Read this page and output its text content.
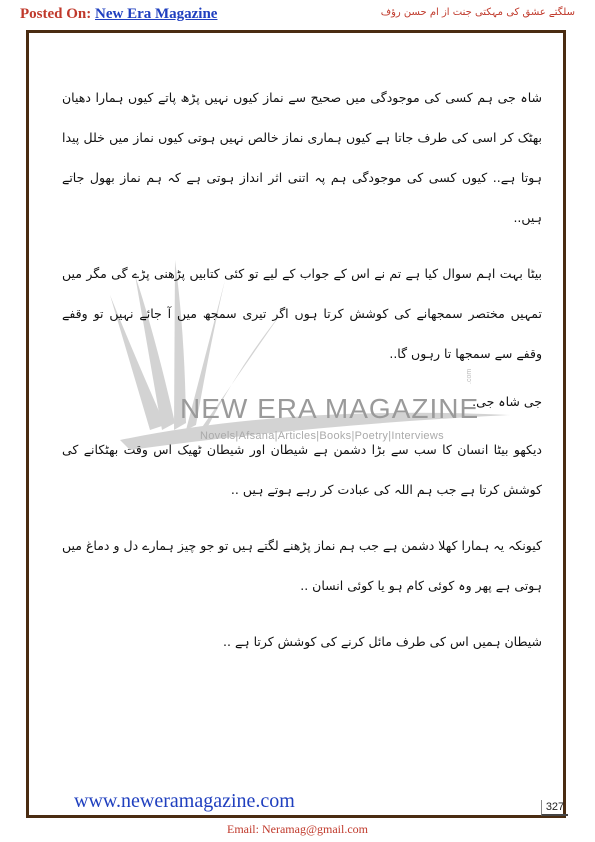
Posted On: New Era Magazine	سلگتے عشق کی مہکتی جنت از ام حسن رؤف
NEW ERA MAGAZINE
Novels|Afsana|Articles|Books|Poetry|Interviews
.com

شاہ جی ہم کسی کی موجودگی میں صحیح سے نماز کیوں نہیں پڑھ پاتے کیوں ہمارا دھیان بھٹک کر اسی کی طرف جاتا ہے کیوں ہماری نماز خالص نہیں ہوتی کیوں نماز میں خلل پیدا ہوتا ہے.. کیوں کسی کی موجودگی ہم پہ اتنی اثر انداز ہوتی ہے کہ ہم نماز بھول جاتے ہیں..

بیٹا بہت اہم سوال کیا ہے تم نے اس کے جواب کے لیے تو کئی کتابیں پڑھنی پڑے گی مگر میں تمہیں مختصر سمجھانے کی کوشش کرتا ہوں اگر تیری سمجھ میں آ جائے نہیں تو وقفے وقفے سے سمجھا تا رہوں گا..

جی شاہ جی.

دیکھو بیٹا انسان کا سب سے بڑا دشمن ہے شیطان اور شیطان ٹھیک اس وقت بھٹکانے کی کوشش کرتا ہے جب ہم اللہ کی عبادت کر رہے ہوتے ہیں ..

کیونکہ یہ ہمارا کھلا دشمن ہے جب ہم نماز پڑھنے لگتے ہیں تو جو چیز ہمارے دل و دماغ میں ہوتی ہے پھر وہ کوئی کام ہو یا کوئی انسان ..

شیطان ہمیں اس کی طرف مائل کرنے کی کوشش کرتا ہے ..

www.neweramagazine.com	327
Email: Neramag@gmail.com
